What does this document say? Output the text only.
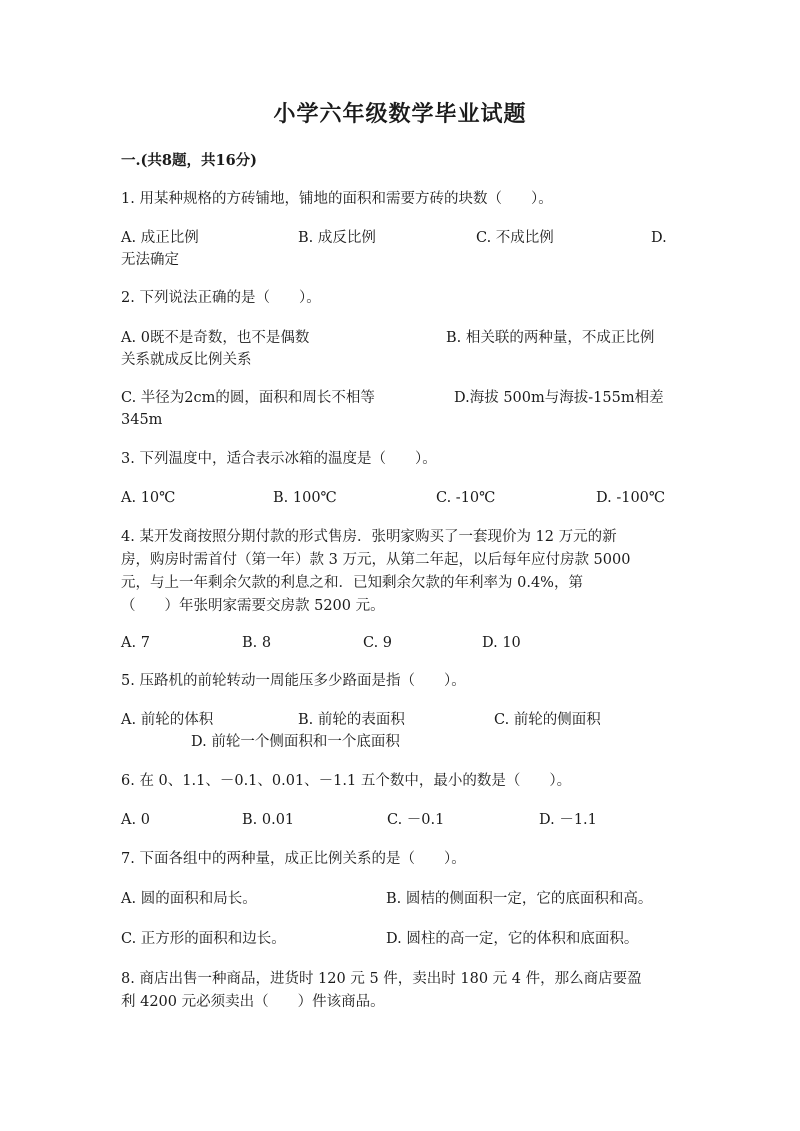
小学六年级数学毕业试题
一.(共8题，共16分)
1. 用某种规格的方砖铺地，铺地的面积和需要方砖的块数（　　）。
A. 成正比例	B. 成反比例	C. 不成比例	D.
无法确定
2. 下列说法正确的是（　　）。
A. 0既不是奇数，也不是偶数	B. 相关联的两种量，不成正比例
关系就成反比例关系
C. 半径为2cm的圆，面积和周长不相等	D.海拔 500m与海拔-155m相差
345m
3. 下列温度中，适合表示冰箱的温度是（　　）。
A. 10℃	B. 100℃	C. -10℃	D. -100℃
4. 某开发商按照分期付款的形式售房．张明家购买了一套现价为 12 万元的新
房，购房时需首付（第一年）款 3 万元，从第二年起，以后每年应付房款 5000
元，与上一年剩余欠款的利息之和．已知剩余欠款的年利率为 0.4%，第
（　　）年张明家需要交房款 5200 元。
A. 7	B. 8	C. 9	D. 10
5. 压路机的前轮转动一周能压多少路面是指（　　）。
A. 前轮的体积	B. 前轮的表面积	C. 前轮的侧面积
D. 前轮一个侧面积和一个底面积
6. 在 0、1.1、－0.1、0.01、－1.1 五个数中，最小的数是（　　）。
A. 0	B. 0.01	C. －0.1	D. －1.1
7. 下面各组中的两种量，成正比例关系的是（　　）。
A. 圆的面积和局长。	B. 圆桔的侧面积一定，它的底面积和高。
C. 正方形的面积和边长。	D. 圆柱的高一定，它的体积和底面积。
8. 商店出售一种商品，进货时 120 元 5 件，卖出时 180 元 4 件，那么商店要盈
利 4200 元必须卖出（　　）件该商品。
